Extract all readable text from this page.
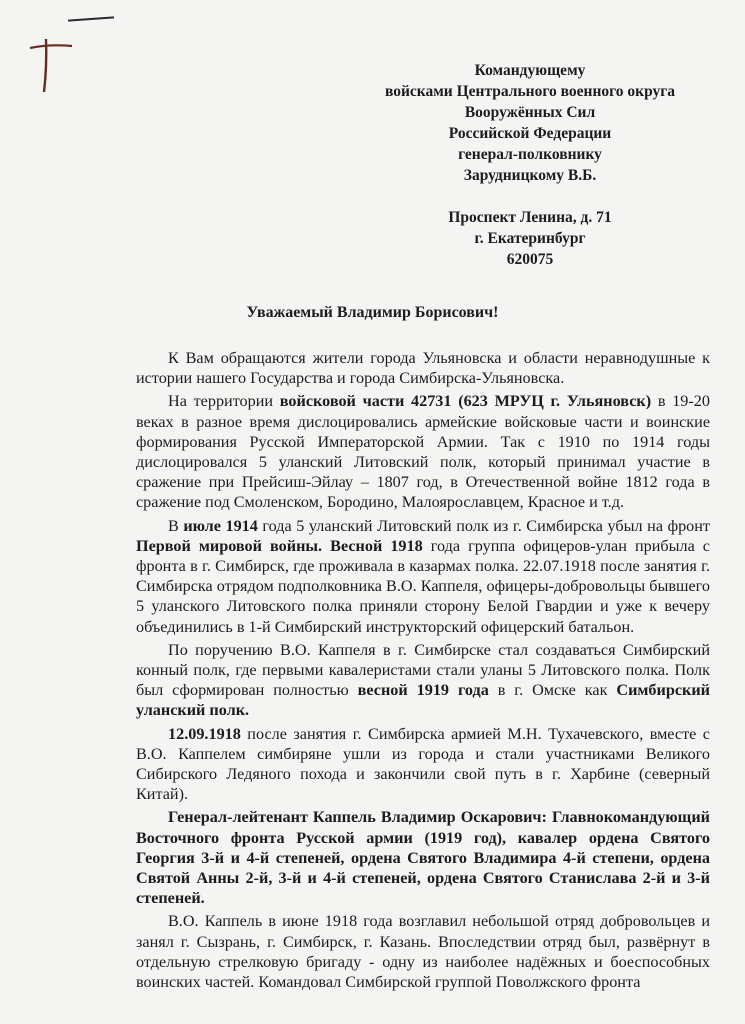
Командующему
войсками Центрального военного округа
Вооружённых Сил
Российской Федерации
генерал-полковнику
Зарудницкому В.Б.
Проспект Ленина, д. 71
г. Екатеринбург
620075
Уважаемый Владимир Борисович!

К Вам обращаются жители города Ульяновска и области неравнодушные к истории нашего Государства и города Симбирска-Ульяновска.

На территории войсковой части 42731 (623 МРУЦ г. Ульяновск) в 19-20 веках в разное время дислоцировались армейские войсковые части и воинские формирования Русской Императорской Армии. Так с 1910 по 1914 годы дислоцировался 5 уланский Литовский полк, который принимал участие в сражение при Прейсиш-Эйлау – 1807 год, в Отечественной войне 1812 года в сражение под Смоленском, Бородино, Малоярославцем, Красное и т.д.

В июле 1914 года 5 уланский Литовский полк из г. Симбирска убыл на фронт Первой мировой войны. Весной 1918 года группа офицеров-улан прибыла с фронта в г. Симбирск, где проживала в казармах полка. 22.07.1918 после занятия г. Симбирска отрядом подполковника В.О. Каппеля, офицеры-добровольцы бывшего 5 уланского Литовского полка приняли сторону Белой Гвардии и уже к вечеру объединились в 1-й Симбирский инструкторский офицерский батальон.

По поручению В.О. Каппеля в г. Симбирске стал создаваться Симбирский конный полк, где первыми кавалеристами стали уланы 5 Литовского полка. Полк был сформирован полностью весной 1919 года в г. Омске как Симбирский уланский полк.

12.09.1918 после занятия г. Симбирска армией М.Н. Тухачевского, вместе с В.О. Каппелем симбиряне ушли из города и стали участниками Великого Сибирского Ледяного похода и закончили свой путь в г. Харбине (северный Китай).

Генерал-лейтенант Каппель Владимир Оскарович: Главнокомандующий Восточного фронта Русской армии (1919 год), кавалер ордена Святого Георгия 3-й и 4-й степеней, ордена Святого Владимира 4-й степени, ордена Святой Анны 2-й, 3-й и 4-й степеней, ордена Святого Станислава 2-й и 3-й степеней.

В.О. Каппель в июне 1918 года возглавил небольшой отряд добровольцев и занял г. Сызрань, г. Симбирск, г. Казань. Впоследствии отряд был, развёрнут в отдельную стрелковую бригаду - одну из наиболее надёжных и боеспособных воинских частей. Командовал Симбирской группой Поволжского фронта
